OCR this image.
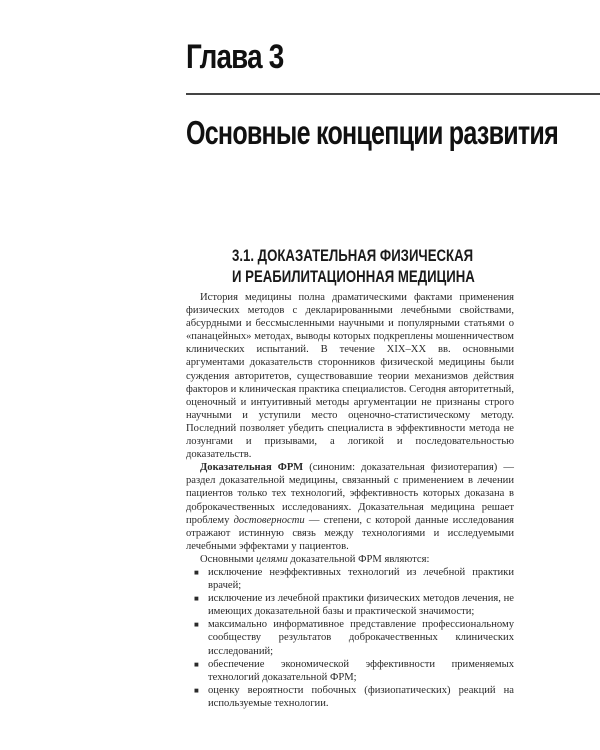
Глава 3
Основные концепции развития
3.1. ДОКАЗАТЕЛЬНАЯ ФИЗИЧЕСКАЯ
И РЕАБИЛИТАЦИОННАЯ МЕДИЦИНА

История медицины полна драматическими фактами применения физических методов с декларированными лечебными свойствами, абсурдными и бессмысленными научными и популярными статьями о «панацейных» методах, выводы которых подкреплены мошенничеством клинических испытаний. В течение XIX–XX вв. основными аргументами доказательств сторонников физической медицины были суждения авторитетов, существовавшие теории механизмов действия факторов и клиническая практика специалистов. Сегодня авторитетный, оценочный и интуитивный методы аргументации не признаны строго научными и уступили место оценочно-статистическому методу. Последний позволяет убедить специалиста в эффективности метода не лозунгами и призывами, а логикой и последовательностью доказательств.

Доказательная ФРМ (синоним: доказательная физиотерапия) — раздел доказательной медицины, связанный с применением в лечении пациентов только тех технологий, эффективность которых доказана в доброкачественных исследованиях. Доказательная медицина решает проблему достоверности — степени, с которой данные исследования отражают истинную связь между технологиями и исследуемыми лечебными эффектами у пациентов.

Основными целями доказательной ФРМ являются:

■ исключение неэффективных технологий из лечебной практики врачей;
■ исключение из лечебной практики физических методов лечения, не имеющих доказательной базы и практической значимости;
■ максимально информативное представление профессиональному сообществу результатов доброкачественных клинических исследований;
■ обеспечение экономической эффективности применяемых технологий доказательной ФРМ;
■ оценку вероятности побочных (физиопатических) реакций на используемые технологии.
